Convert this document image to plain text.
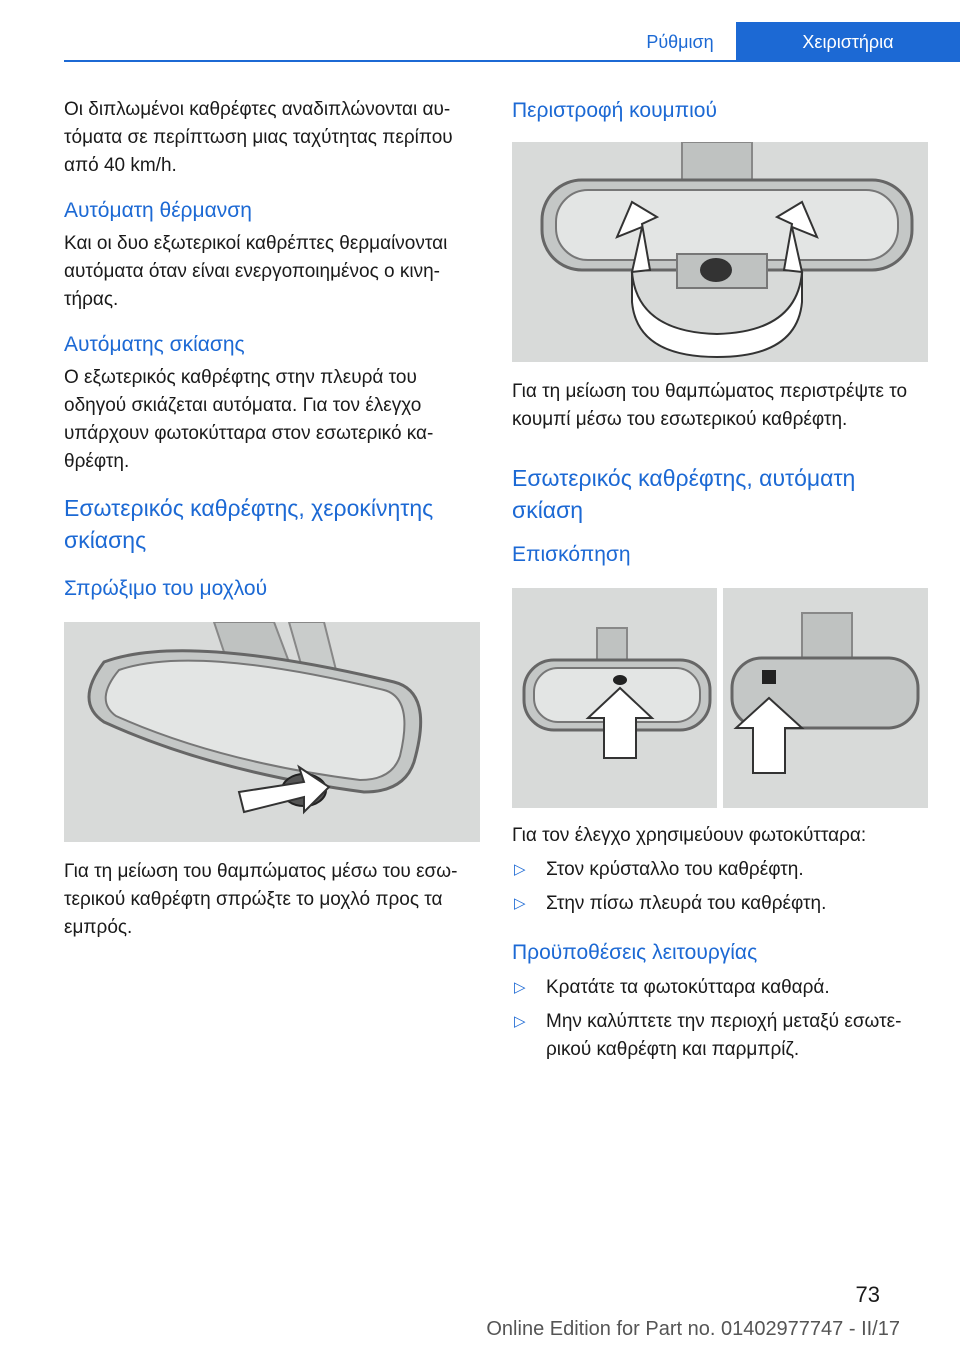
Ρύθμιση	Χειριστήρια

Οι διπλωμένοι καθρέφτες αναδιπλώνονται αυτόματα σε περίπτωση μιας ταχύτητας περίπου από 40 km/h.

Αυτόματη θέρμανση

Και οι δυο εξωτερικοί καθρέπτες θερμαίνονται αυτόματα όταν είναι ενεργοποιημένος ο κινητήρας.

Αυτόματης σκίασης

Ο εξωτερικός καθρέφτης στην πλευρά του οδηγού σκιάζεται αυτόματα. Για τον έλεγχο υπάρχουν φωτοκύτταρα στον εσωτερικό καθρέφτη.

Εσωτερικός καθρέφτης, χεροκίνητης σκίασης
Σπρώξιμο του μοχλού

Για τη μείωση του θαμπώματος μέσω του εσωτερικού καθρέφτη σπρώξτε το μοχλό προς τα εμπρός.

Περιστροφή κουμπιού

Για τη μείωση του θαμπώματος περιστρέψτε το κουμπί μέσω του εσωτερικού καθρέφτη.

Εσωτερικός καθρέφτης, αυτόματη σκίαση
Επισκόπηση

Για τον έλεγχο χρησιμεύουν φωτοκύτταρα:

▷ Στον κρύσταλλο του καθρέφτη.
▷ Στην πίσω πλευρά του καθρέφτη.
Προϋποθέσεις λειτουργίας
▷ Κρατάτε τα φωτοκύτταρα καθαρά.
▷ Μην καλύπτετε την περιοχή μεταξύ εσωτερικού καθρέφτη και παρμπρίζ.
73
Online Edition for Part no. 01402977747 - II/17
